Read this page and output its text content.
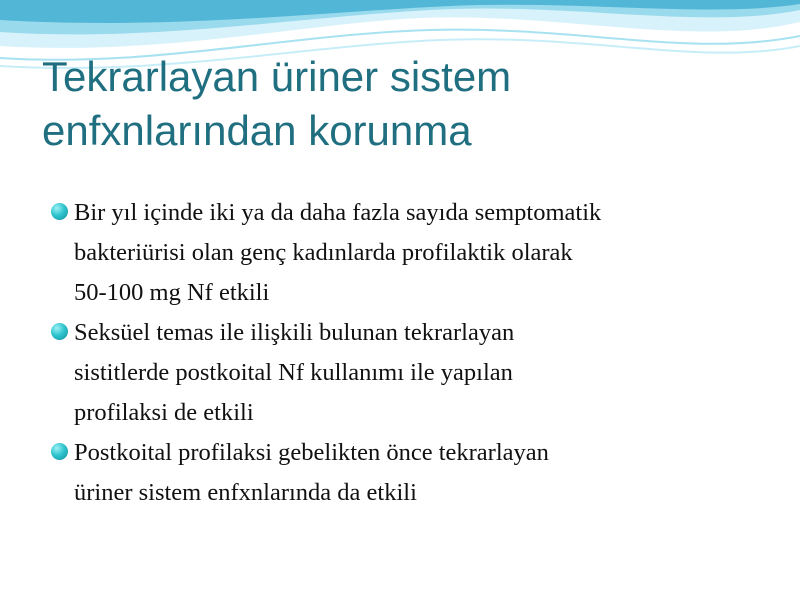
Tekrarlayan üriner sistem
enfxnlarından korunma
Bir yıl içinde iki ya da daha fazla sayıda semptomatik
bakteriürisi olan genç kadınlarda profilaktik olarak
50-100 mg Nf etkili
Seksüel temas ile ilişkili bulunan tekrarlayan
sistitlerde postkoital Nf kullanımı ile yapılan
profilaksi de etkili
Postkoital profilaksi gebelikten önce tekrarlayan
üriner sistem enfxnlarında da etkili
